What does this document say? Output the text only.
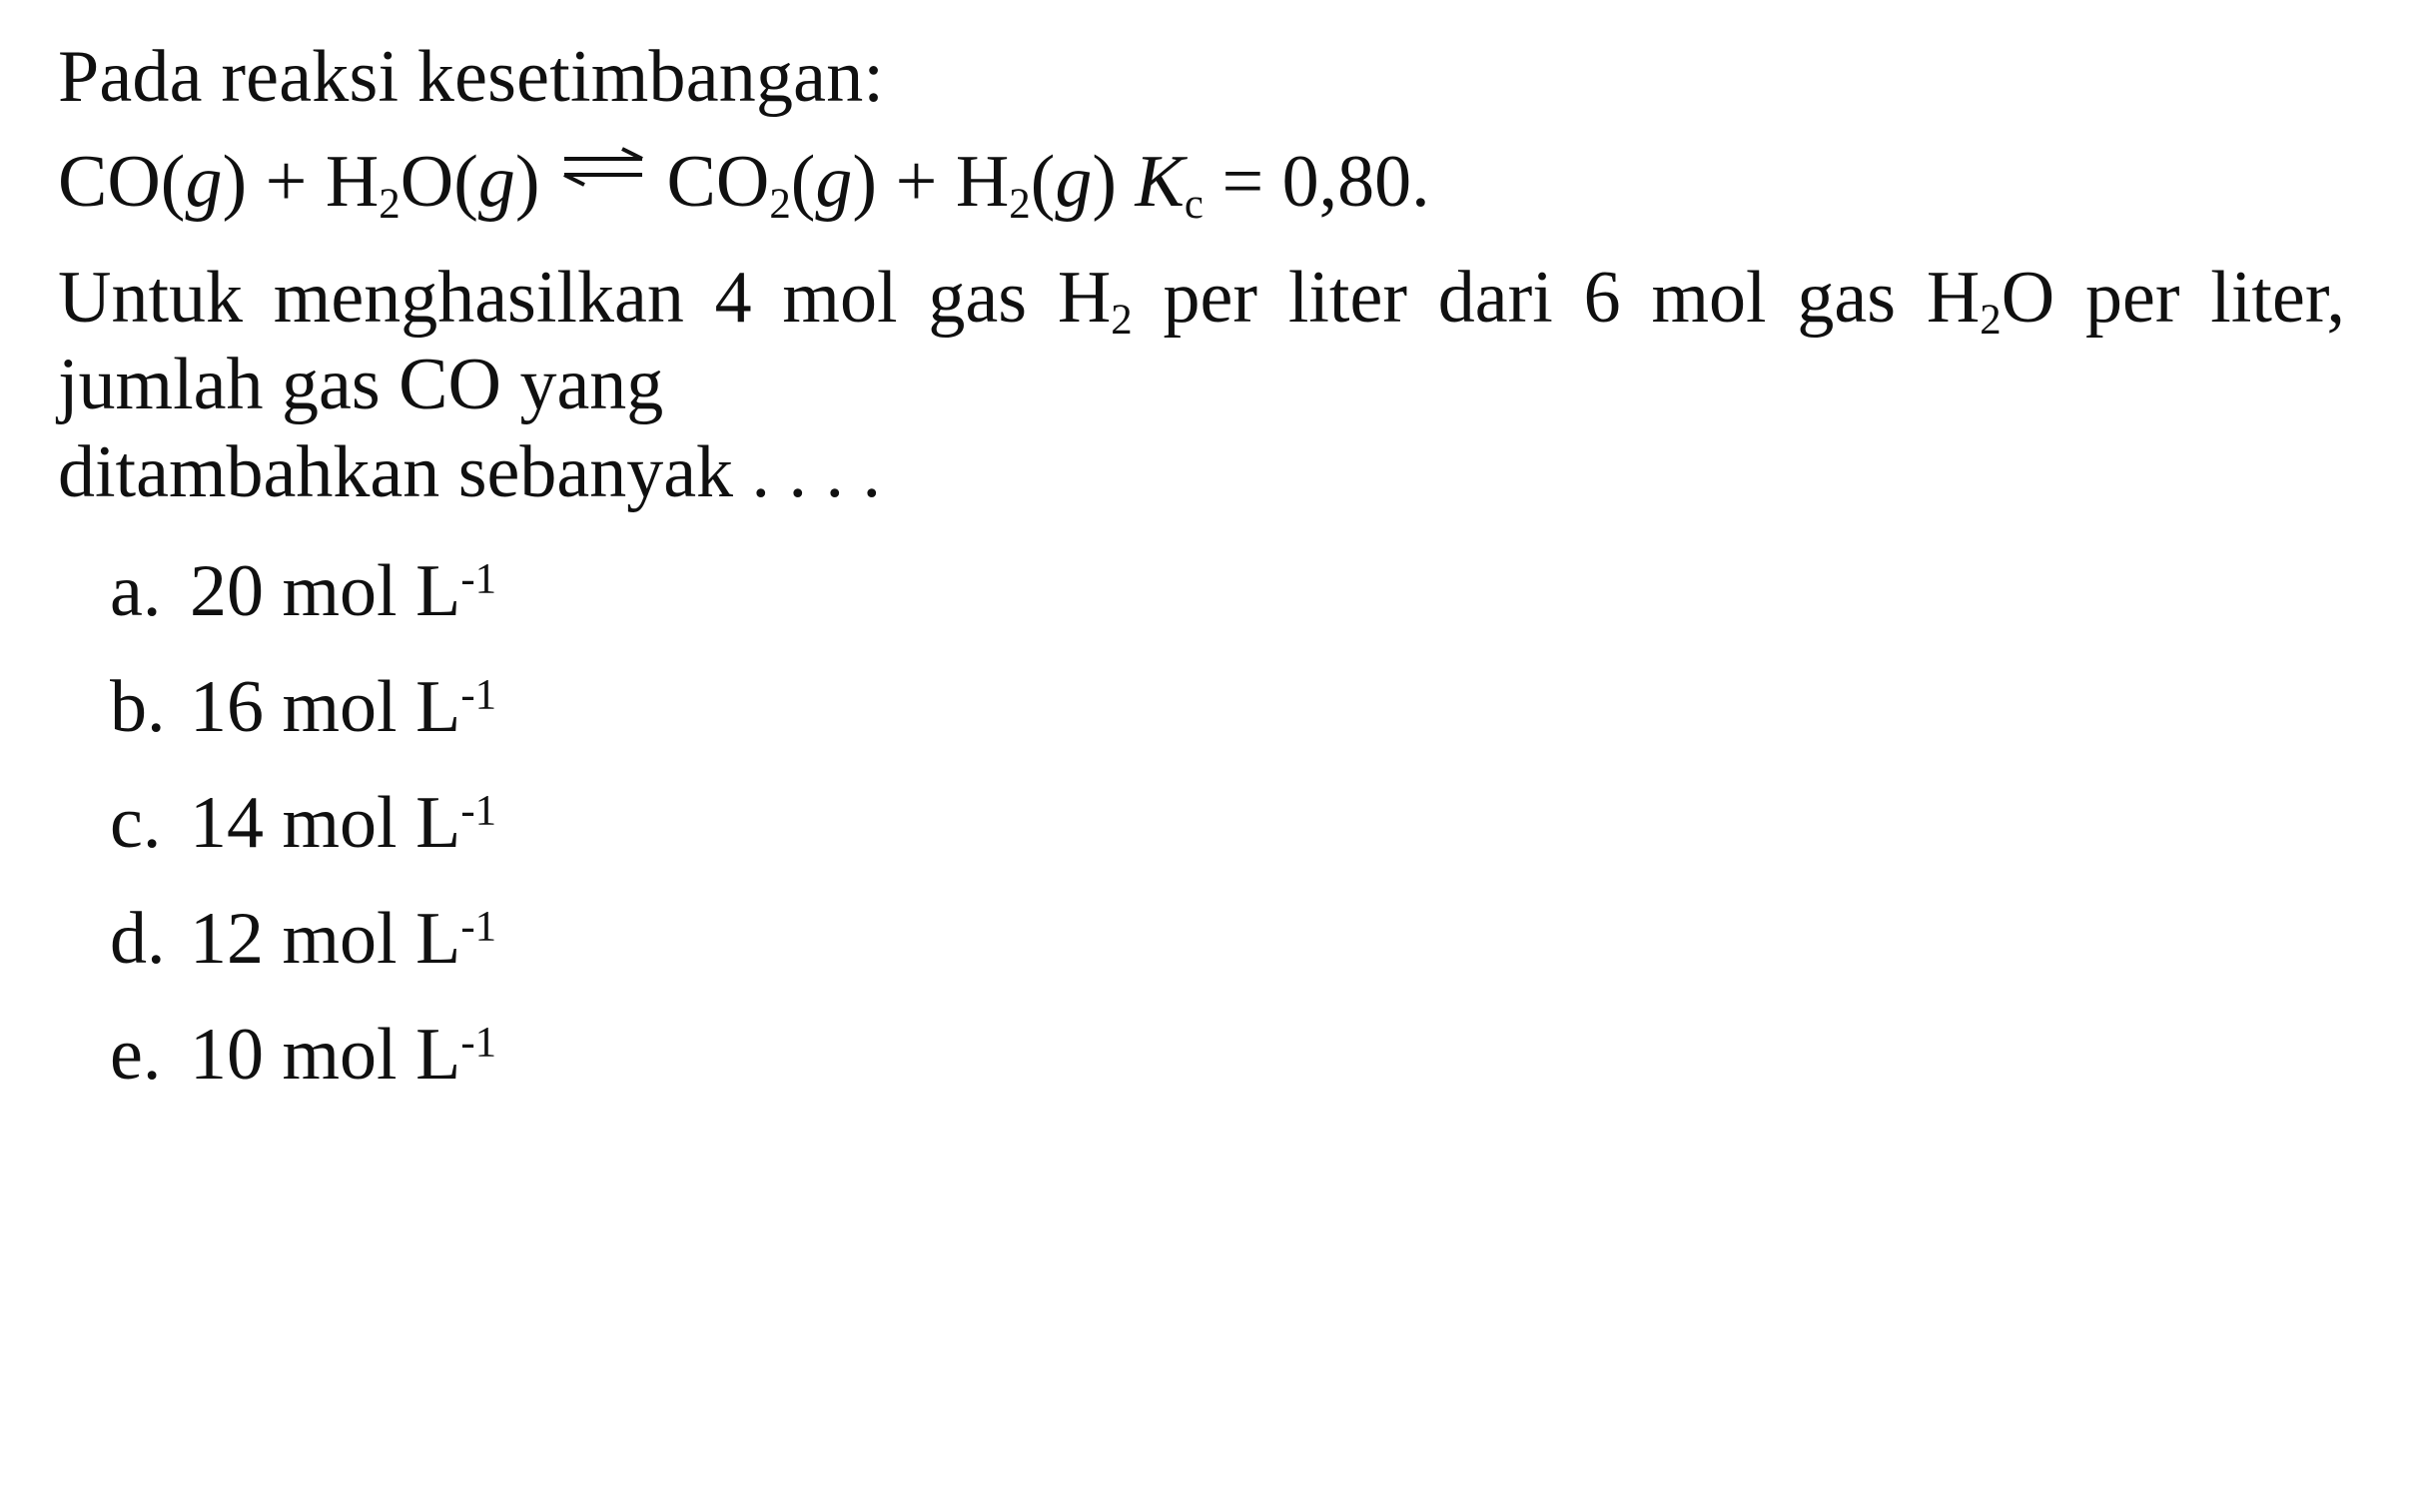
Pada reaksi kesetimbangan:

$CO(g) + H_2O(g)$ ⇌ $CO_2(g) + H_2(g) K_c = 0,80$.

Untuk menghasilkan 4 mol gas $H_2$ per liter dari 6 mol gas $H_2O$ per liter, jumlah gas CO yang
ditambahkan sebanyak . . . .

a. 20 mol $L^{-1}$
b. 16 mol $L^{-1}$
c. 14 mol $L^{-1}$
d. 12 mol $L^{-1}$
e. 10 mol $L^{-1}$
